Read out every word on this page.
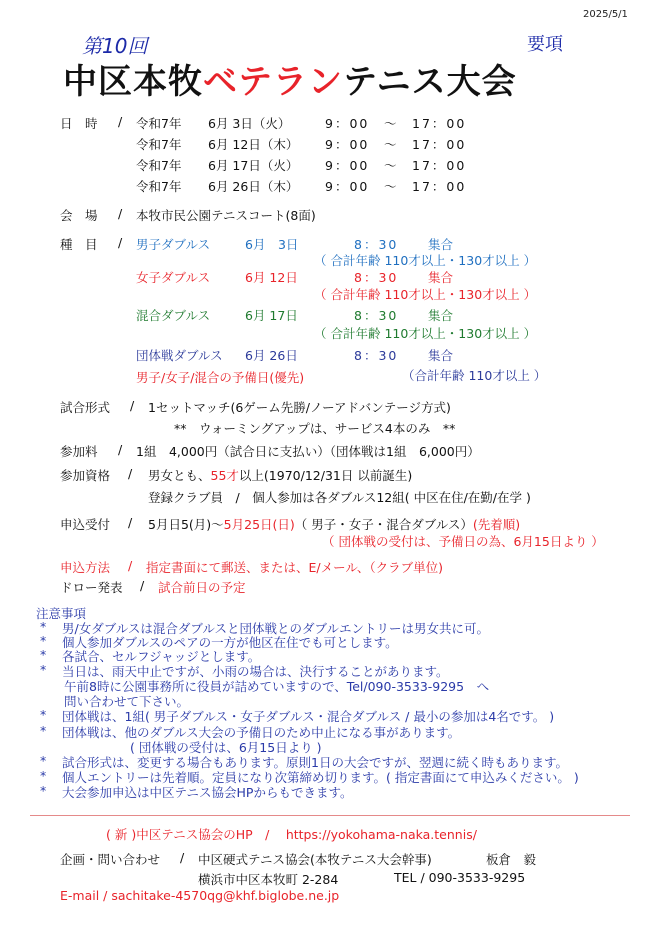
2025/5/1
第10回	要項
中区本牧ベテランテニス大会
日　時 / 令和7年 6月 3日（火）	9：00 ～ 17：00
令和7年 6月 12日（木） 9：00 ～ 17：00
令和7年 6月 17日（火） 9：00 ～ 17：00
令和7年 6月 26日（木） 9：00 ～ 17：00
会　場 / 本牧市民公園テニスコート(8面)
種　目 / 男子ダブルス	6月　3日	8：30 集合
（ 合計年齢 110才以上・130才以上 ）
女子ダブルス	6月 12日	8：30 集合
（ 合計年齢 110才以上・130才以上 ）
混合ダブルス	6月 17日	8：30 集合
（ 合計年齢 110才以上・130才以上 ）
団体戦ダブルス 6月 26日	8：30 集合
（合計年齢 110才以上 ）
男子/女子/混合の予備日(優先)
試合形式 / 1セットマッチ(6ゲーム先勝/ノーアドバンテージ方式)
**　ウォーミングアップは、サービス4本のみ　**
参加料 / 1組　4,000円（試合日に支払い）（団体戦は1組　6,000円）
参加資格 / 男女とも、55才以上(1970/12/31日 以前誕生)
登録クラブ員　/　個人参加は各ダブルス12組( 中区在住/在勤/在学 )
申込受付 / 5月日5(月)～5月25日(日)（ 男子・女子・混合ダブルス）(先着順)
（ 団体戦の受付は、予備日の為、6月15日より ）
申込方法 / 指定書面にて郵送、または、E/メール、（クラブ単位)
ドロー発表 / 試合前日の予定
注意事項
* 男/女ダブルスは混合ダブルスと団体戦とのダブルエントリーは男女共に可。
* 個人参加ダブルスのペアの一方が他区在住でも可とします。
* 各試合、セルフジャッジとします。
* 当日は、雨天中止ですが、小雨の場合は、決行することがあります。
* 団体戦は、1組( 男子ダブルス・女子ダブルス・混合ダブルス / 最小の参加は4名です。 )
* 団体戦は、他のダブルス大会の予備日のため中止になる事があります。
* 試合形式は、変更する場合もあります。原則1日の大会ですが、翌週に続く時もあります。
* 個人エントリーは先着順。定員になり次第締め切ります。( 指定書面にて申込みください。 )
* 大会参加申込は中区テニス協会HPからもできます。
午前8時に公園事務所に役員が詰めていますので、Tel/090-3533-9295　へ
問い合わせて下さい。
( 団体戦の受付は、6月15日より )
( 新 )中区テニス協会のHP　/　 https://yokohama-naka.tennis/
企画・問い合わせ / 中区硬式テニス協会(本牧テニス大会幹事)	板倉　毅
横浜市中区本牧町 2-284	TEL / 090-3533-9295
E-mail / sachitake-4570qg@khf.biglobe.ne.jp
